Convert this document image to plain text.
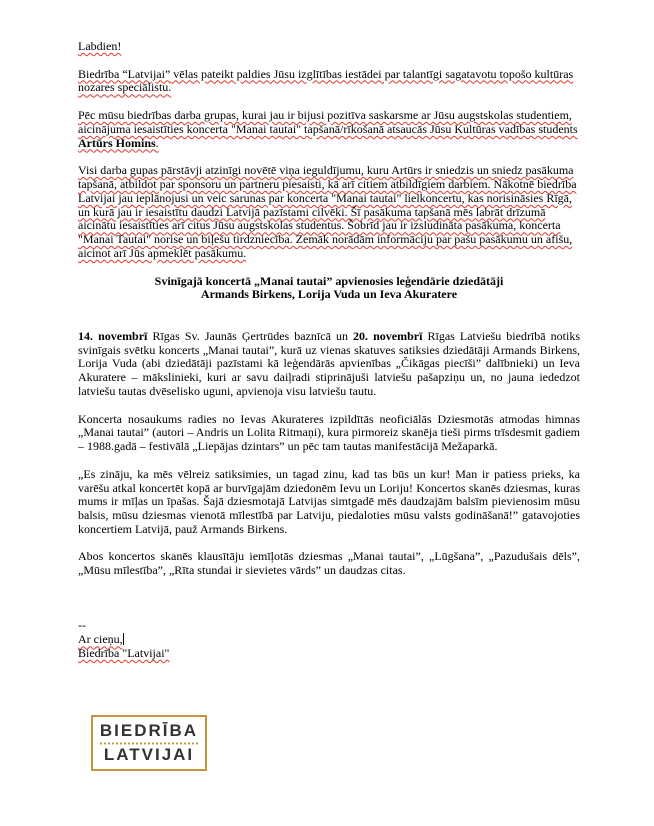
Labdien!

Biedrība “Latvijai” vēlas pateikt paldies Jūsu izglītības iestādei par talantīgi sagatavotu topošo kultūras nozares speciālistu.

Pēc mūsu biedrības darba grupas, kurai jau ir bijusi pozitīva saskarsme ar Jūsu augstskolas studentiem, aicinājuma iesaistīties koncerta "Manai tautai" tapšanā/rīkošanā atsaucās Jūsu Kultūras vadības students Artūrs Homins.

Visi darba gupas pārstāvji atzinīgi novētē viņa ieguldījumu, kuru Artūrs ir sniedzis un sniedz pasākuma tapšanā, atbildot par sponsoru un partneru piesaisti, kā arī citiem atbildīgiem darbiem. Nākotnē biedrība Latvijai jau ieplānojusi un veic sarunas par koncerta "Manai tautai" lielkoncertu, kas norisināsies Rīgā, un kurā jau ir iesaistītu daudzi Latvijā pazīstami cilvēki. Šī pasākuma tapšanā mēs labrāt drīzumā aicinātu iesaistīties arī citus Jūsu augstskolas studentus. Šobrīd jau ir izsludināta pasākuma, koncerta "Manai Tautai" norise un biļešu tirdzniecība. Zemāk norādām informāciju par pašu pasākumu un afišu, aicinot arī Jūs apmeklēt pasākumu.

Svinīgajā koncertā „Manai tautai” apvienosies leģendārie dziedātāji

Armands Birkens, Lorija Vuda un Ieva Akuratere

14. novembrī Rīgas Sv. Jaunās Ģertrūdes baznīcā un 20. novembrī Rīgas Latviešu biedrībā notiks svinīgais svētku koncerts „Manai tautai”, kurā uz vienas skatuves satiksies dziedātāji Armands Birkens, Lorija Vuda (abi dziedātāji pazīstami kā leģendārās apvienības „Čikāgas piecīši” dalībnieki) un Ieva Akuratere – mākslinieki, kuri ar savu daiļradi stiprinājuši latviešu pašapziņu un, no jauna iededzot latviešu tautas dvēselisko uguni, apvienoja visu latviešu tautu.

Koncerta nosaukums radies no Ievas Akurateres izpildītās neoficiālās Dziesmotās atmodas himnas „Manai tautai” (autori – Andris un Lolita Ritmaņi), kura pirmoreiz skanēja tieši pirms trīsdesmit gadiem – 1988.gadā – festivālā „Liepājas dzintars” un pēc tam tautas manifestācijā Mežaparkā.

„Es zināju, ka mēs vēlreiz satiksimies, un tagad zinu, kad tas būs un kur! Man ir patiess prieks, ka varēšu atkal koncertēt kopā ar burvīgajām dziedonēm Ievu un Loriju! Koncertos skanēs dziesmas, kuras mums ir mīļas un īpašas. Šajā dziesmotajā Latvijas simtgadē mēs daudzajām balsīm pievienosim mūsu balsis, mūsu dziesmas vienotā mīlestībā par Latviju, piedaloties mūsu valsts godināšanā!” gatavojoties koncertiem Latvijā, pauž Armands Birkens.

Abos koncertos skanēs klausītāju iemīļotās dziesmas „Manai tautai”, „Lūgšana”, „Pazudušais dēls”, „Mūsu mīlestība”, „Rīta stundai ir sievietes vārds” un daudzas citas.

--

Ar cieņu,

Biedrība "Latvijai"

BIEDRĪBA
LATVIJAI
